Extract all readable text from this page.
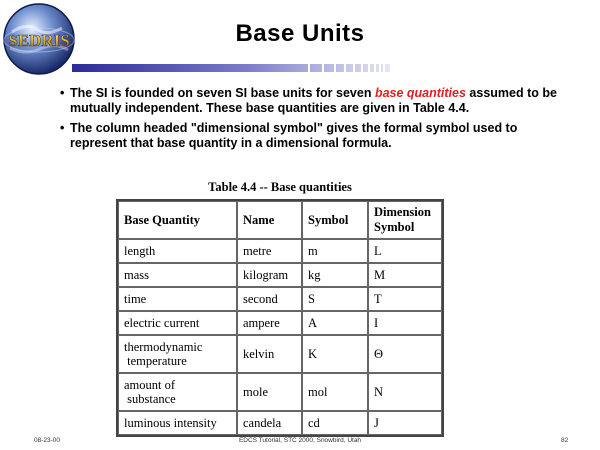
SEDRIS	Base Units
• The SI is founded on seven SI base units for seven base quantities assumed to be mutually independent. These base quantities are given in Table 4.4.
• The column headed "dimensional symbol" gives the formal symbol used to represent that base quantity in a dimensional formula.
Table 4.4 -- Base quantities
Base Quantity	Name	Symbol	Dimension
Symbol
length	metre	m	L
mass	kilogram	kg	M
time	second	S	T
electric current	ampere	A	I
thermodynamic
temperature	kelvin	K	Θ
amount of
substance	mole	mol	N
luminous intensity	candela	cd	J
08-23-00	EDCS Tutorial, STC 2000, Snowbird, Utah	82
